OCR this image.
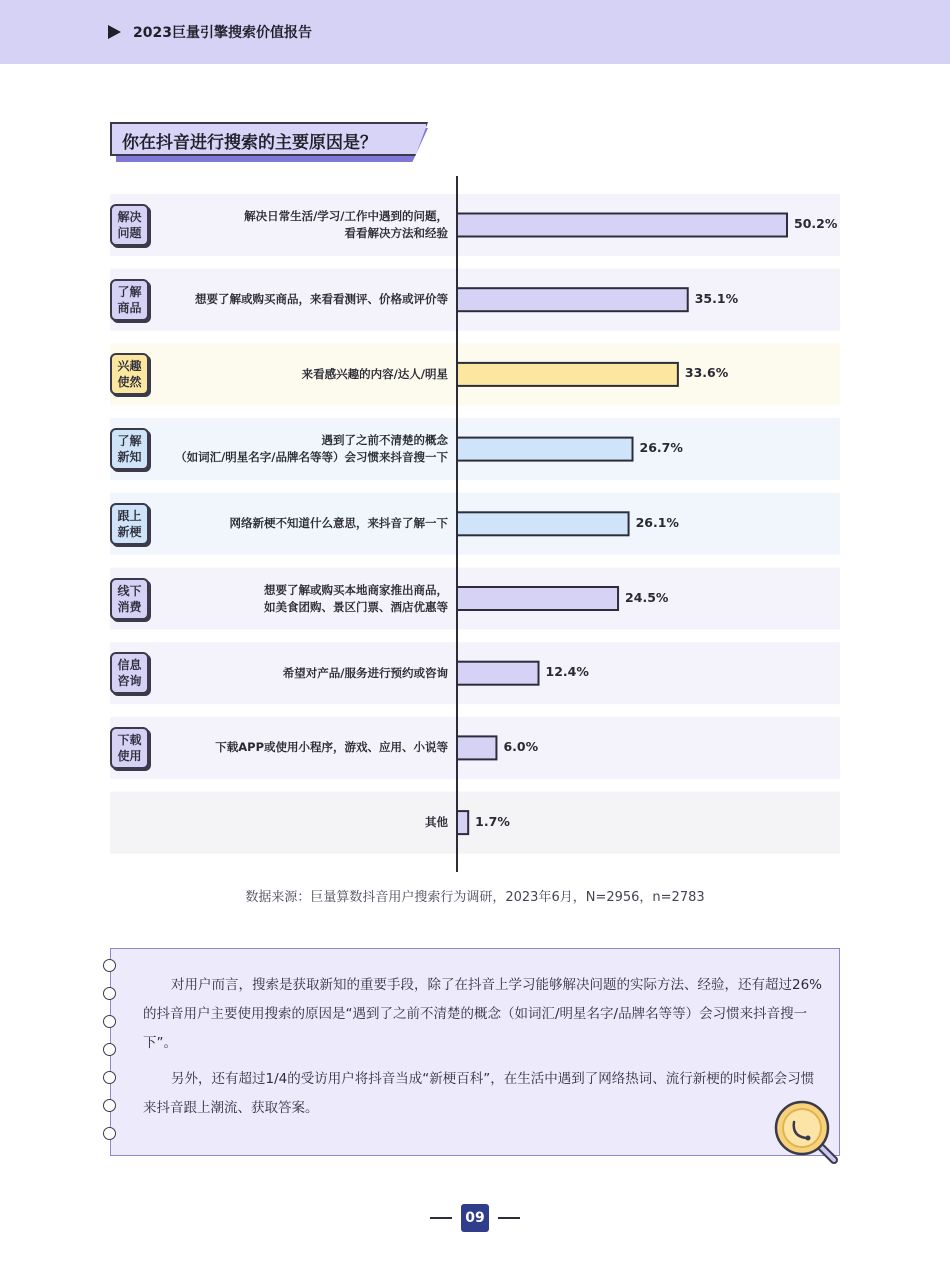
2023巨量引擎搜索价值报告
你在抖音进行搜索的主要原因是？
50.2%
解决日常生活/学习/工作中遇到的问题，
看看解决方法和经验
解决
问题
35.1%
想要了解或购买商品，来看看测评、价格或评价等
了解
商品
33.6%
来看感兴趣的内容/达人/明星
兴趣
使然
26.7%
遇到了之前不清楚的概念
（如词汇/明星名字/品牌名等等）会习惯来抖音搜一下
了解
新知
26.1%
网络新梗不知道什么意思，来抖音了解一下
跟上
新梗
24.5%
想要了解或购买本地商家推出商品，
如美食团购、景区门票、酒店优惠等
线下
消费
12.4%
希望对产品/服务进行预约或咨询
信息
咨询
6.0%
下载APP或使用小程序，游戏、应用、小说等
下载
使用
1.7%
其他
数据来源：巨量算数抖音用户搜索行为调研，2023年6月，N=2956，n=2783

对用户而言，搜索是获取新知的重要手段，除了在抖音上学习能够解决问题的实际方法、经验，还有超过26%的抖音用户主要使用搜索的原因是“遇到了之前不清楚的概念（如词汇/明星名字/品牌名等等）会习惯来抖音搜一下”。

另外，还有超过1/4的受访用户将抖音当成“新梗百科”，在生活中遇到了网络热词、流行新梗的时候都会习惯来抖音跟上潮流、获取答案。

09
